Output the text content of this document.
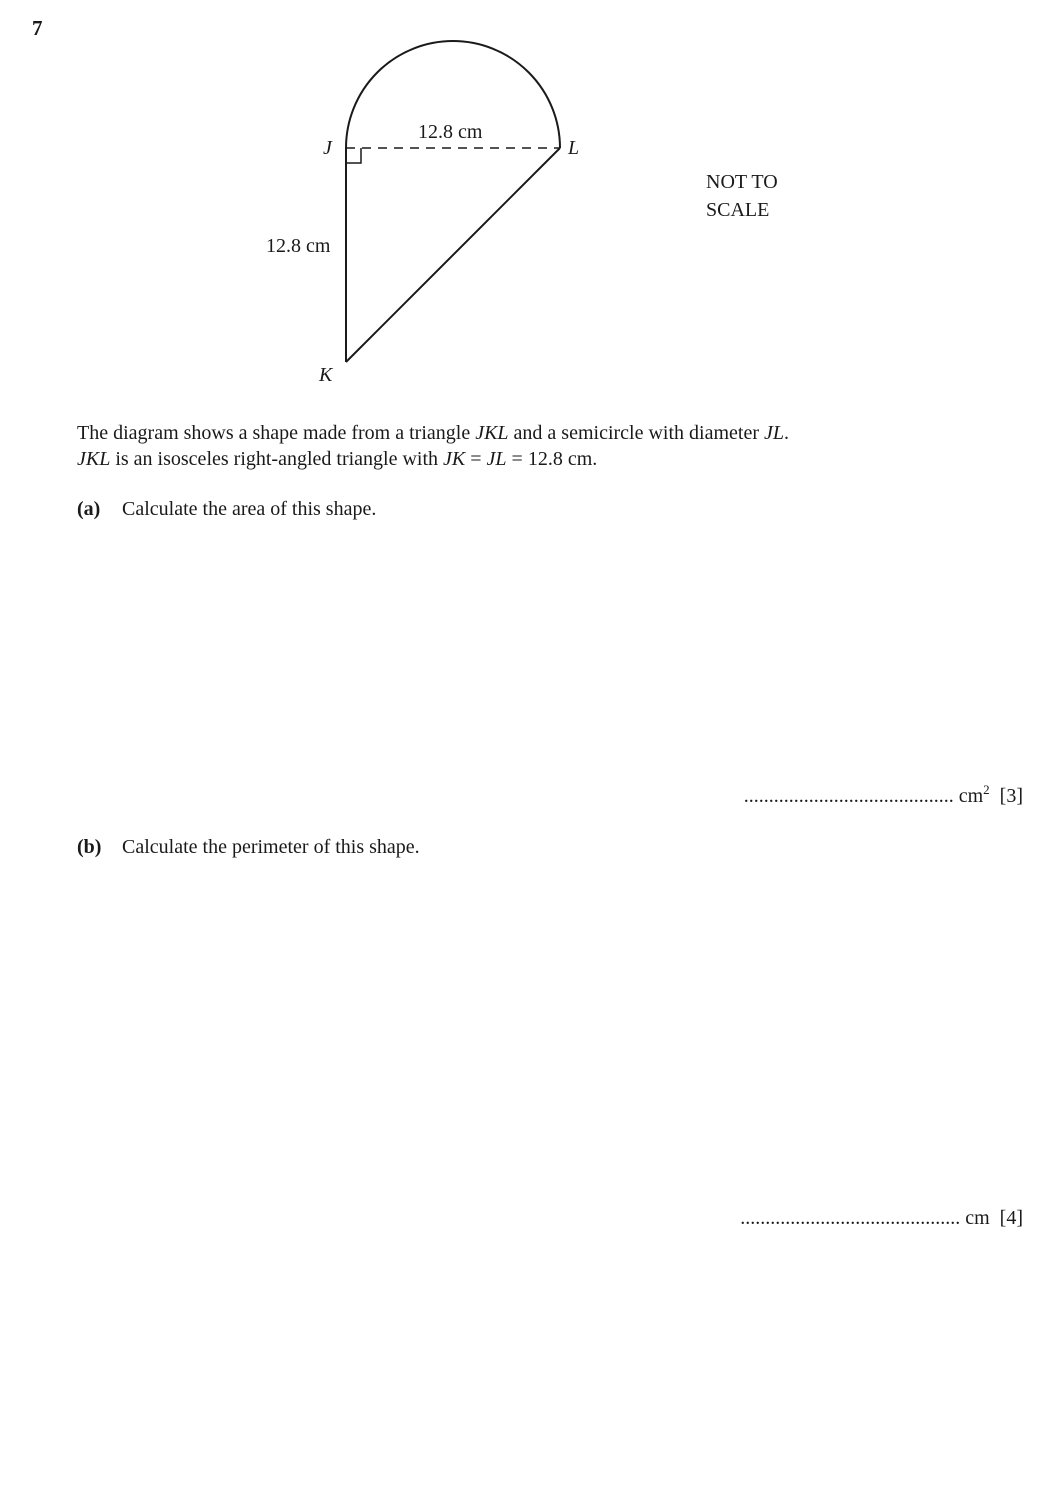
7
J	L
K
12.8 cm
12.8 cm
NOT TO
SCALE
The diagram shows a shape made from a triangle JKL and a semicircle with diameter JL.
JKL is an isosceles right-angled triangle with JK = JL = 12.8 cm.
(a) Calculate the area of this shape.
.......................................... $cm^2$ [3]
(b) Calculate the perimeter of this shape.
............................................ cm [4]
